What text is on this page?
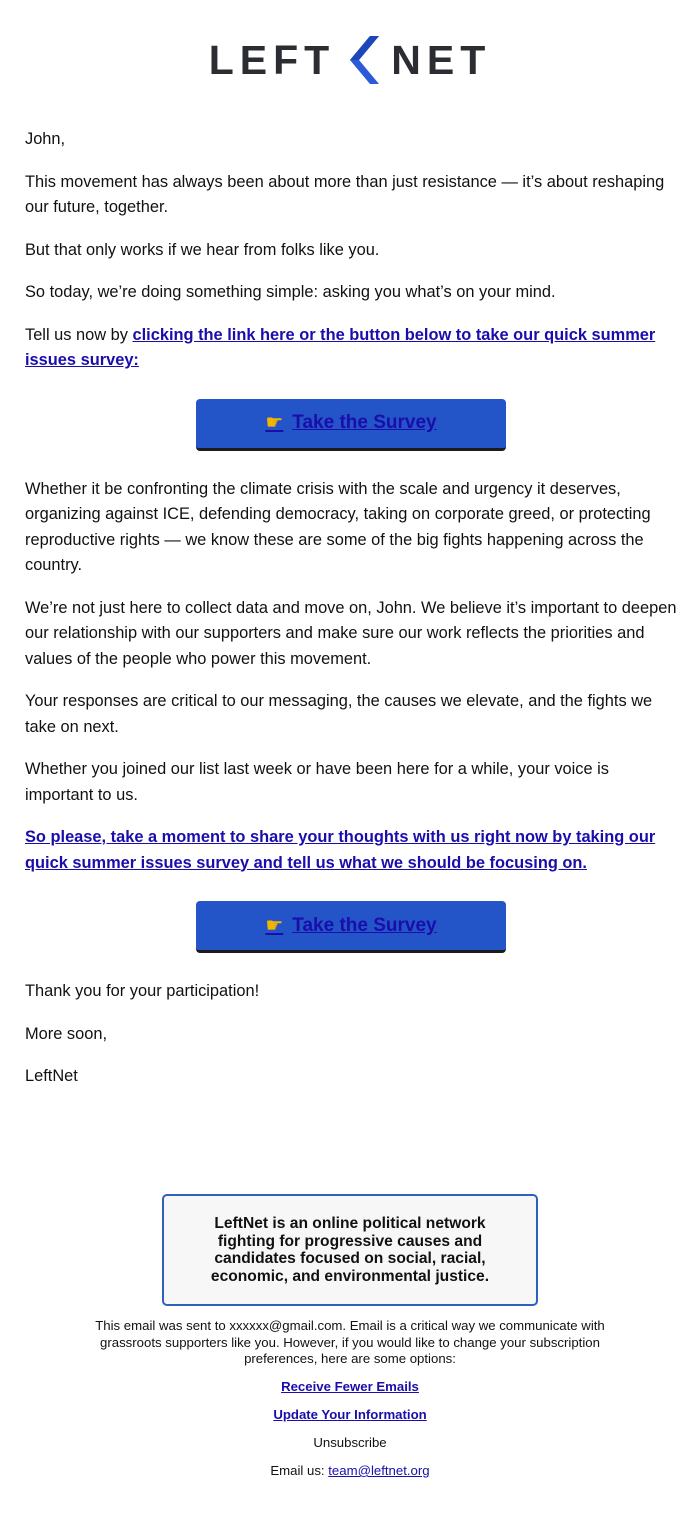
LEFT NET

John,

This movement has always been about more than just resistance — it’s about reshaping our future, together.

But that only works if we hear from folks like you.

So today, we’re doing something simple: asking you what’s on your mind.

Tell us now by clicking the link here or the button below to take our quick summer issues survey:

☛ Take the Survey

Whether it be confronting the climate crisis with the scale and urgency it deserves, organizing against ICE, defending democracy, taking on corporate greed, or protecting reproductive rights — we know these are some of the big fights happening across the country.

We’re not just here to collect data and move on, John. We believe it’s important to deepen our relationship with our supporters and make sure our work reflects the priorities and values of the people who power this movement.

Your responses are critical to our messaging, the causes we elevate, and the fights we take on next.

Whether you joined our list last week or have been here for a while, your voice is important to us.

So please, take a moment to share your thoughts with us right now by taking our quick summer issues survey and tell us what we should be focusing on.

☛ Take the Survey

Thank you for your participation!

More soon,

LeftNet

LeftNet is an online political network fighting for progressive causes and candidates focused on social, racial, economic, and environmental justice.
This email was sent to xxxxxx@gmail.com. Email is a critical way we communicate with grassroots supporters like you. However, if you would like to change your subscription preferences, here are some options:
Receive Fewer Emails
Update Your Information
Unsubscribe
Email us: team@leftnet.org
